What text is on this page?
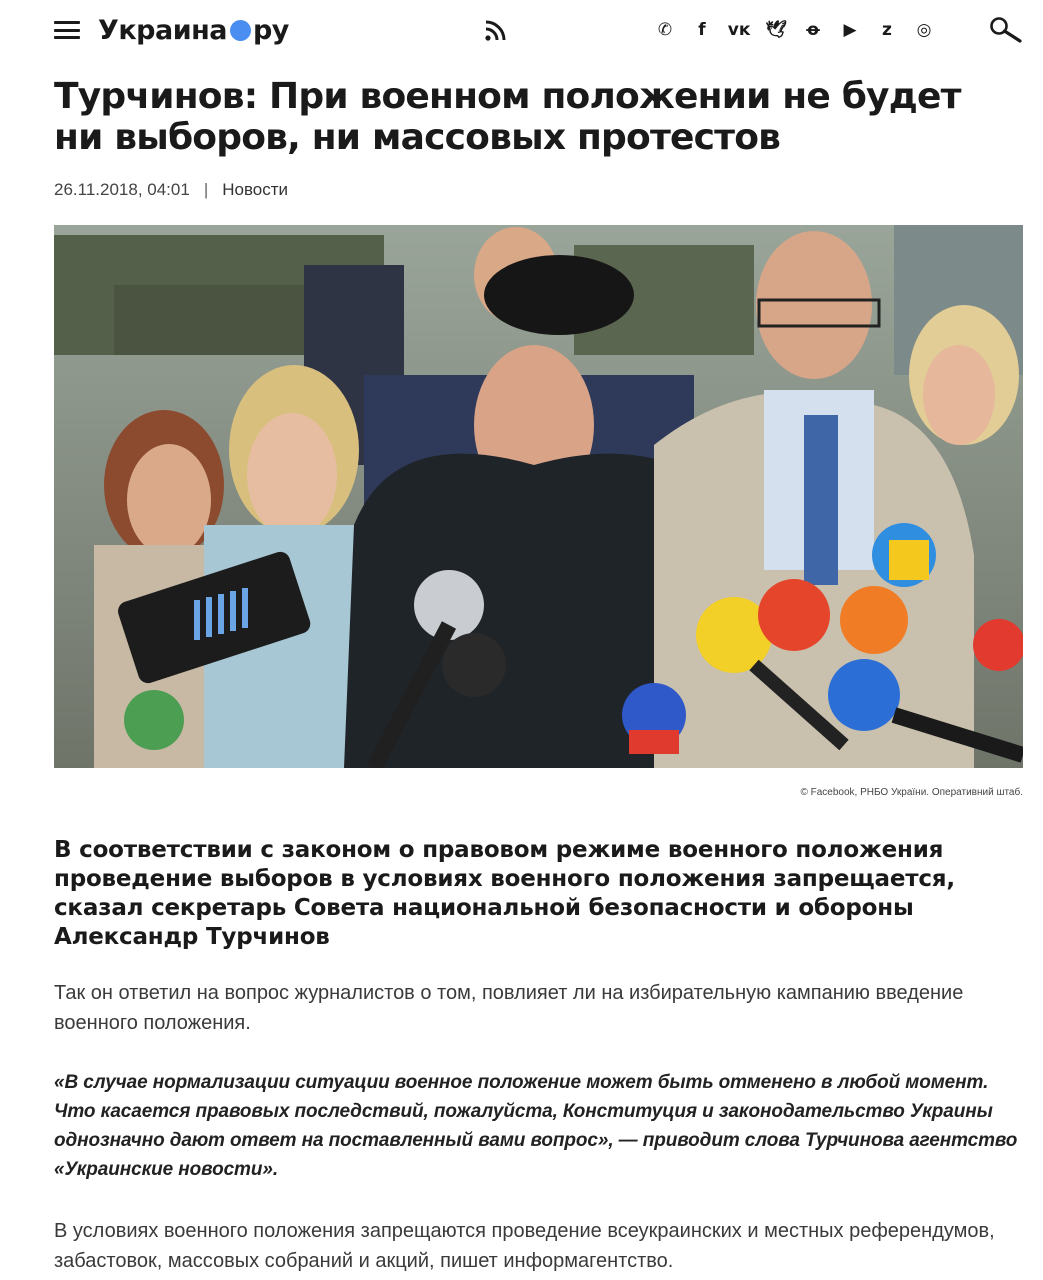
Украина ру	✆	f	ᴠᴋ 🕊	ꝋ	▶	z	◎
Турчинов: При военном положении не будет ни выборов, ни массовых протестов
26.11.2018, 04:01 | Новости
© Facebook, РНБО України. Оперативний штаб.
В соответствии с законом о правовом режиме военного положения проведение выборов в условиях военного положения запрещается, сказал секретарь Совета национальной безопасности и обороны Александр Турчинов

Так он ответил на вопрос журналистов о том, повлияет ли на избирательную кампанию введение военного положения.

«В случае нормализации ситуации военное положение может быть отменено в любой момент. Что касается правовых последствий, пожалуйста, Конституция и законодательство Украины однозначно дают ответ на поставленный вами вопрос», — приводит слова Турчинова агентство «Украинские новости».

В условиях военного положения запрещаются проведение всеукраинских и местных референдумов, забастовок, массовых собраний и акций, пишет информагентство.
